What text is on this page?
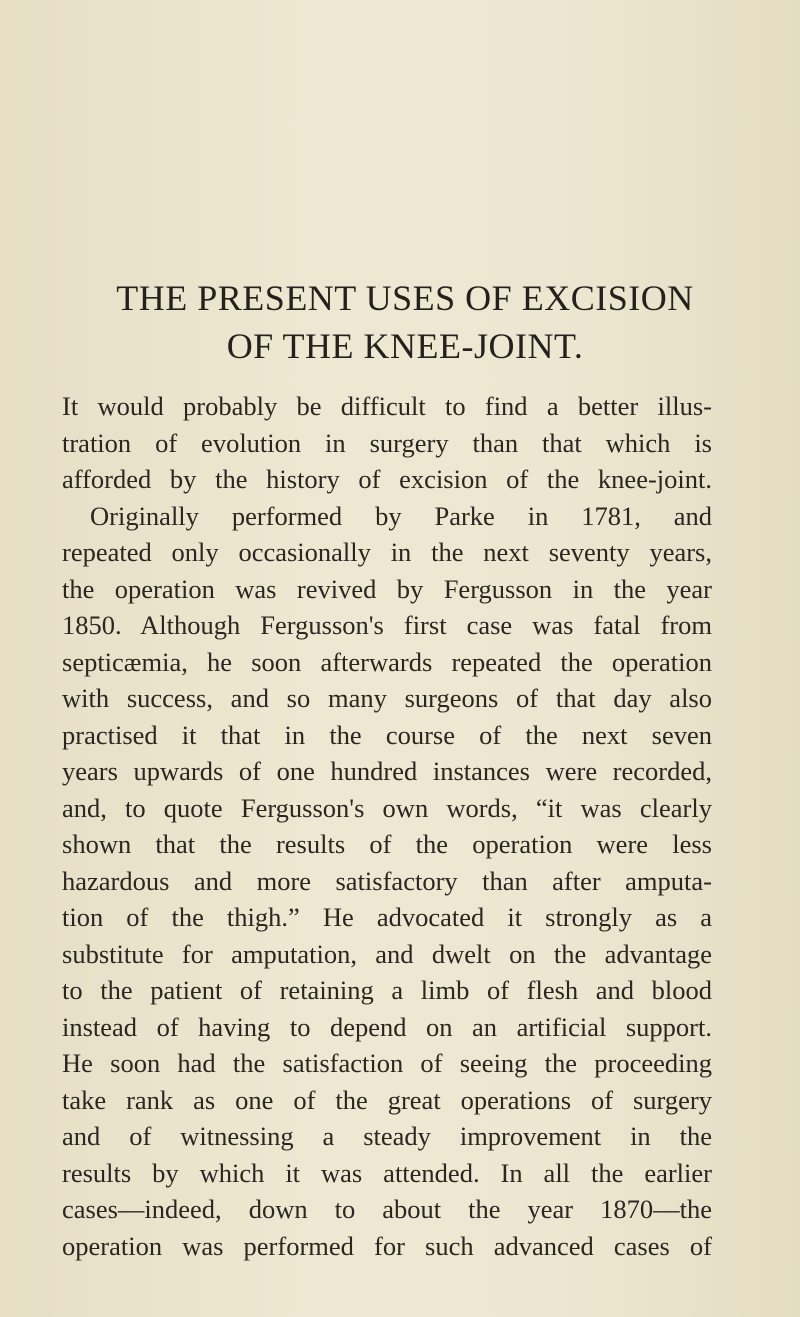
THE PRESENT USES OF EXCISION
OF THE KNEE-JOINT.
It would probably be difficult to find a better illus-
tration of evolution in surgery than that which is
afforded by the history of excision of the knee-joint.
Originally performed by Parke in 1781, and
repeated only occasionally in the next seventy years,
the operation was revived by Fergusson in the year
1850. Although Fergusson's first case was fatal from
septicæmia, he soon afterwards repeated the operation
with success, and so many surgeons of that day also
practised it that in the course of the next seven
years upwards of one hundred instances were recorded,
and, to quote Fergusson's own words, “it was clearly
shown that the results of the operation were less
hazardous and more satisfactory than after amputa-
tion of the thigh.” He advocated it strongly as a
substitute for amputation, and dwelt on the advantage
to the patient of retaining a limb of flesh and blood
instead of having to depend on an artificial support.
He soon had the satisfaction of seeing the proceeding
take rank as one of the great operations of surgery
and of witnessing a steady improvement in the
results by which it was attended. In all the earlier
cases—indeed, down to about the year 1870—the
operation was performed for such advanced cases of
